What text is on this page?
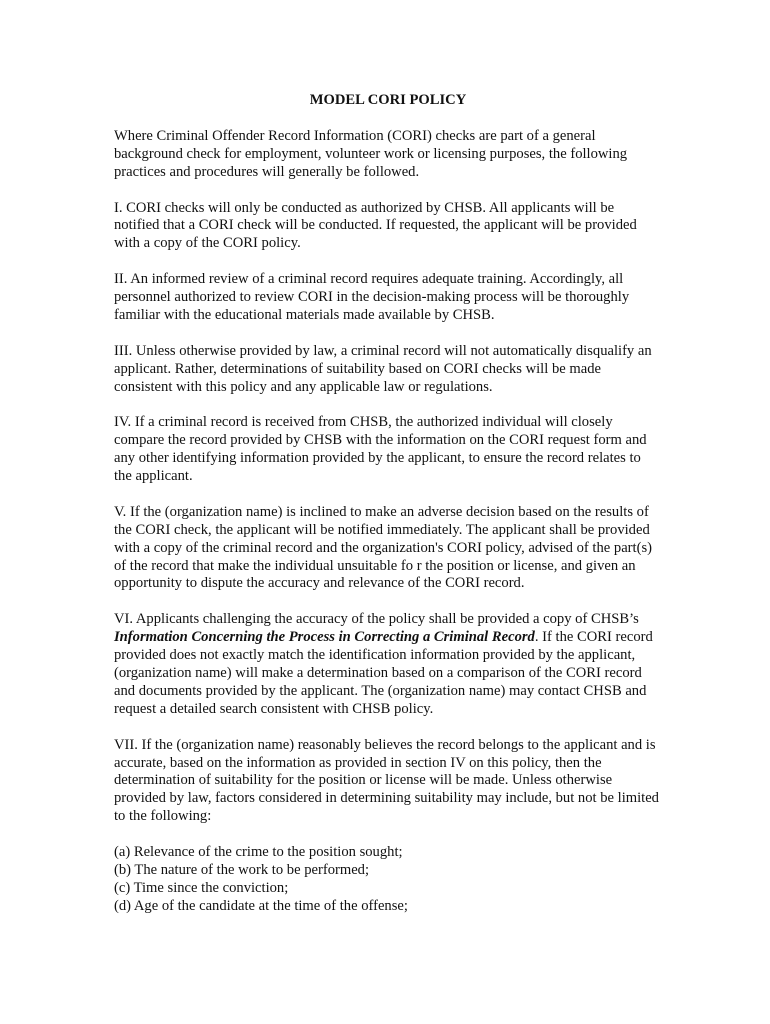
MODEL CORI POLICY

Where Criminal Offender Record Information (CORI) checks are part of a general background check for employment, volunteer work or licensing purposes, the following practices and procedures will generally be followed.

I. CORI checks will only be conducted as authorized by CHSB. All applicants will be notified that a CORI check will be conducted. If requested, the applicant will be provided with a copy of the CORI policy.

II. An informed review of a criminal record requires adequate training. Accordingly, all personnel authorized to review CORI in the decision-making process will be thoroughly familiar with the educational materials made available by CHSB.

III. Unless otherwise provided by law, a criminal record will not automatically disqualify an applicant. Rather, determinations of suitability based on CORI checks will be made consistent with this policy and any applicable law or regulations.

IV. If a criminal record is received from CHSB, the authorized individual will closely compare the record provided by CHSB with the information on the CORI request form and any other identifying information provided by the applicant, to ensure the record relates to the applicant.

V. If the (organization name) is inclined to make an adverse decision based on the results of the CORI check, the applicant will be notified immediately. The applicant shall be provided with a copy of the criminal record and the organization's CORI policy, advised of the part(s) of the record that make the individual unsuitable fo r the position or license, and given an opportunity to dispute the accuracy and relevance of the CORI record.

VI. Applicants challenging the accuracy of the policy shall be provided a copy of CHSB’s Information Concerning the Process in Correcting a Criminal Record. If the CORI record provided does not exactly match the identification information provided by the applicant, (organization name) will make a determination based on a comparison of the CORI record and documents provided by the applicant. The (organization name) may contact CHSB and request a detailed search consistent with CHSB policy.

VII. If the (organization name) reasonably believes the record belongs to the applicant and is accurate, based on the information as provided in section IV on this policy, then the determination of suitability for the position or license will be made. Unless otherwise provided by law, factors considered in determining suitability may include, but not be limited to the following:

(a) Relevance of the crime to the position sought;
(b) The nature of the work to be performed;
(c) Time since the conviction;
(d) Age of the candidate at the time of the offense;
